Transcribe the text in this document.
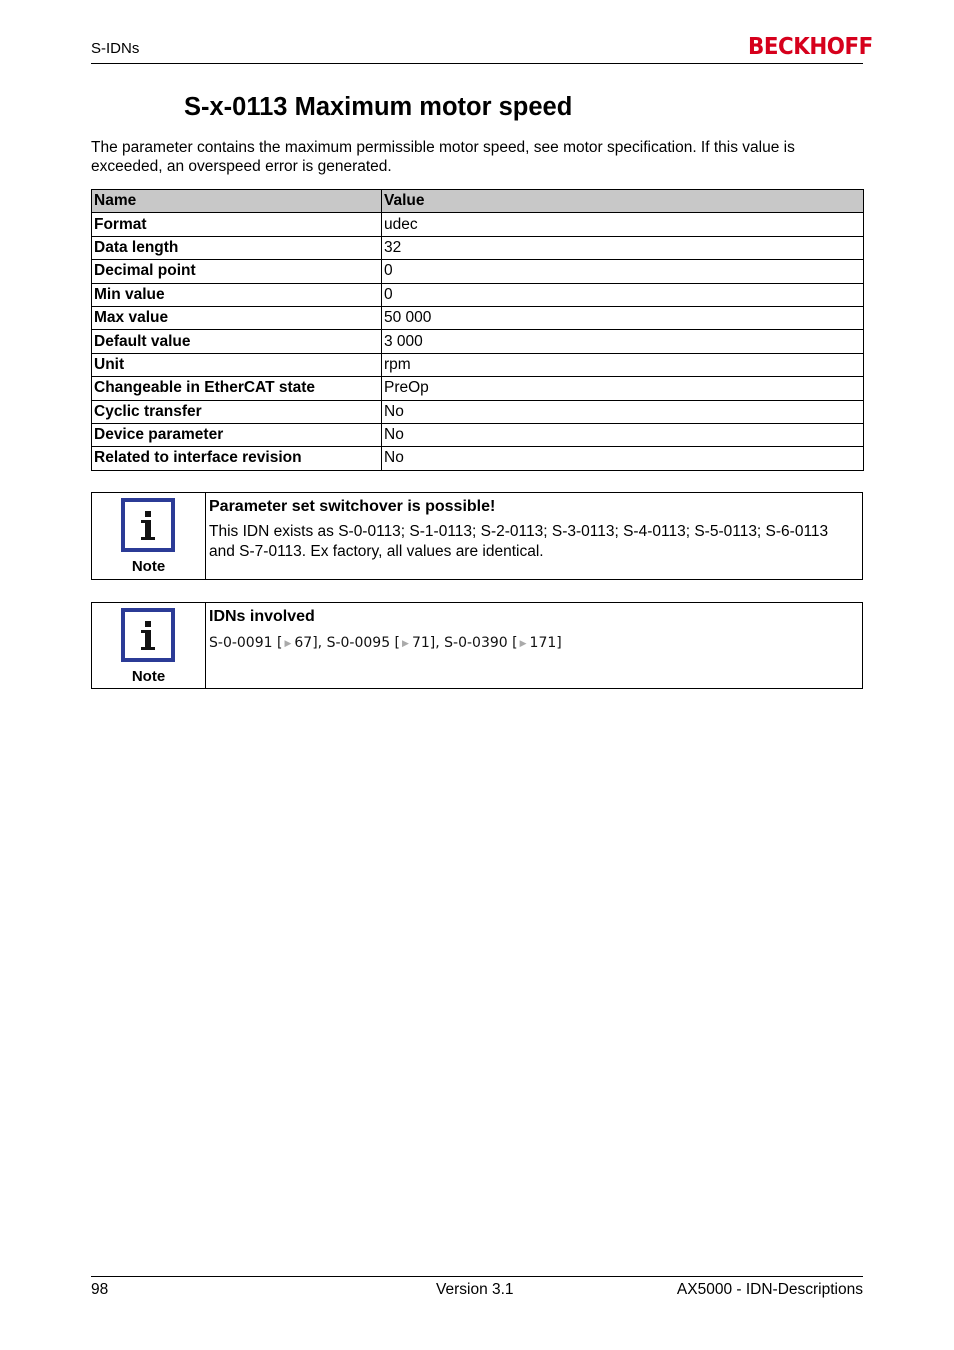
S-IDNs	BECKHOFF
S-x-0113 Maximum motor speed

The parameter contains the maximum permissible motor speed, see motor specification. If this value is exceeded, an overspeed error is generated.

Name	Value
Format	udec
Data length	32
Decimal point	0
Min value	0
Max value	50 000
Default value	3 000
Unit	rpm
Changeable in EtherCAT state	PreOp
Cyclic transfer	No
Device parameter	No
Related to interface revision	No
Note
Parameter set switchover is possible!
This IDN exists as S-0-0113; S-1-0113; S-2-0113; S-3-0113; S-4-0113; S-5-0113; S-6-0113
and S-7-0113. Ex factory, all values are identical.
Note
IDNs involved
S-0-0091 [ ▶ 67], S-0-0095 [ ▶ 71], S-0-0390 [ ▶ 171]
98	Version 3.1	AX5000 - IDN-Descriptions
